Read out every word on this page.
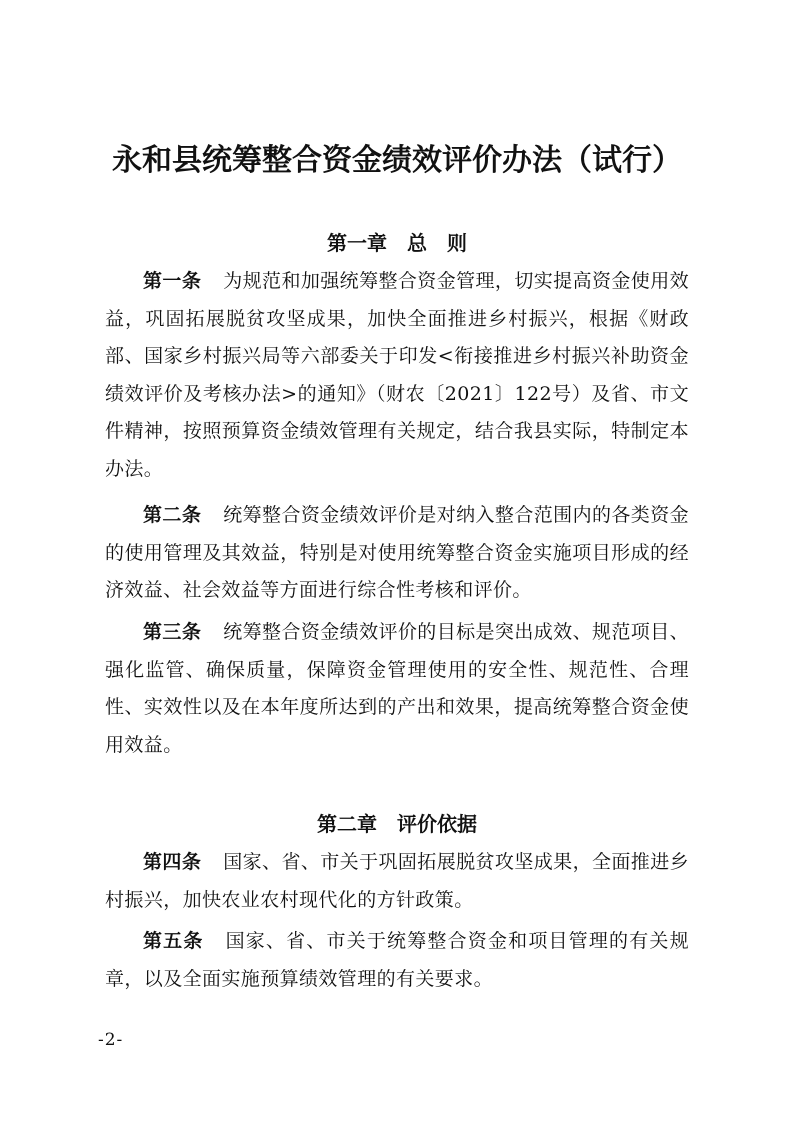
永和县统筹整合资金绩效评价办法（试行）
第一章　总　则

第一条 为规范和加强统筹整合资金管理，切实提高资金使用效益，巩固拓展脱贫攻坚成果，加快全面推进乡村振兴，根据《财政部、国家乡村振兴局等六部委关于印发<衔接推进乡村振兴补助资金绩效评价及考核办法>的通知》（财农〔2021〕122号）及省、市文件精神，按照预算资金绩效管理有关规定，结合我县实际，特制定本办法。

第二条 统筹整合资金绩效评价是对纳入整合范围内的各类资金的使用管理及其效益，特别是对使用统筹整合资金实施项目形成的经济效益、社会效益等方面进行综合性考核和评价。

第三条 统筹整合资金绩效评价的目标是突出成效、规范项目、强化监管、确保质量，保障资金管理使用的安全性、规范性、合理性、实效性以及在本年度所达到的产出和效果，提高统筹整合资金使用效益。

第二章　评价依据

第四条 国家、省、市关于巩固拓展脱贫攻坚成果，全面推进乡村振兴，加快农业农村现代化的方针政策。

第五条 国家、省、市关于统筹整合资金和项目管理的有关规章，以及全面实施预算绩效管理的有关要求。

-2-
